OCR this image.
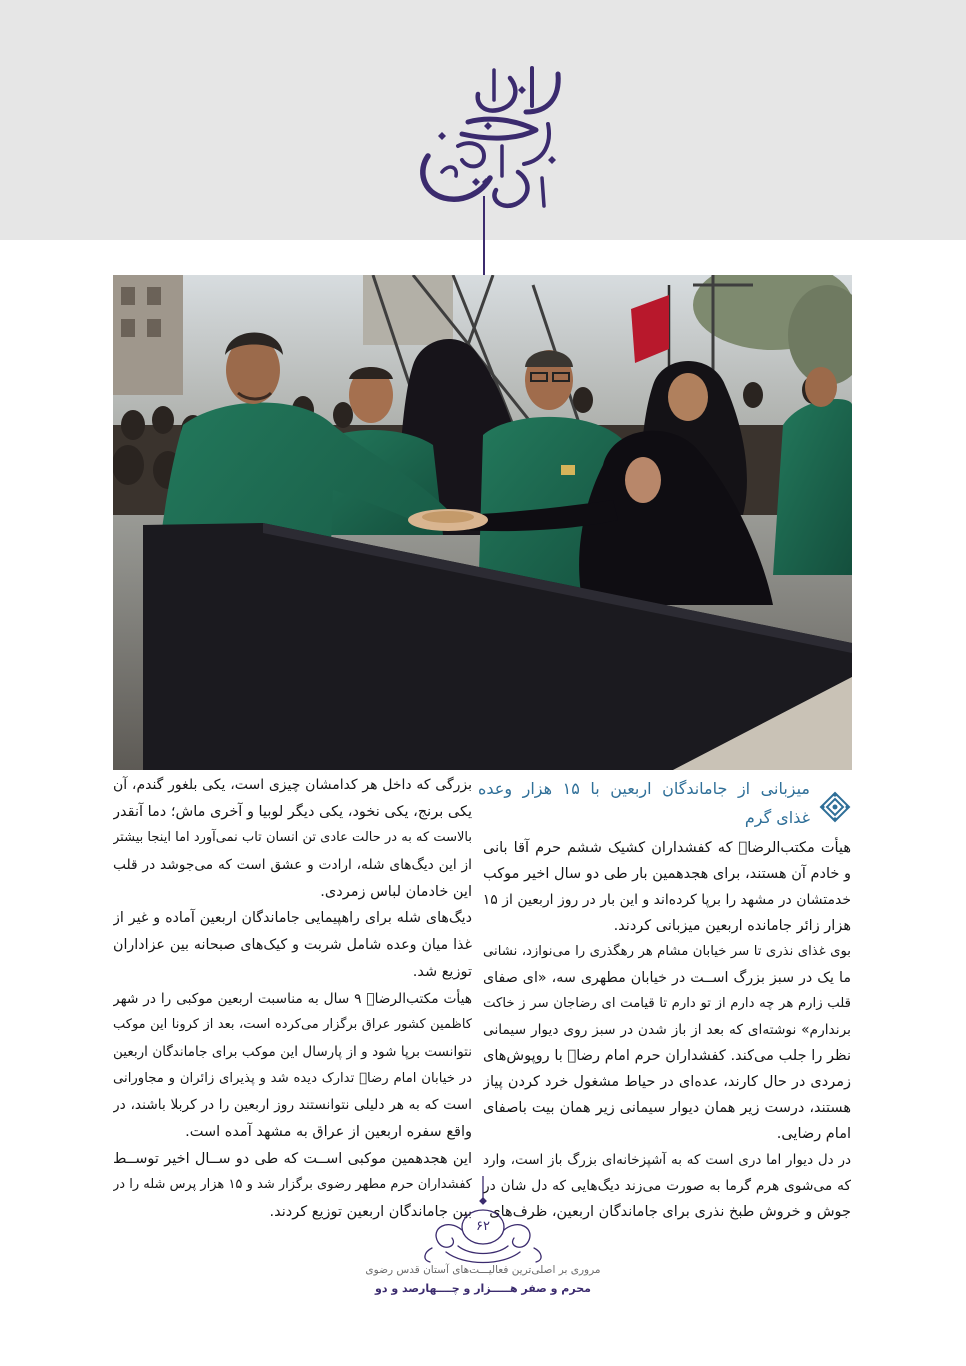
میزبانی از جاماندگان اربعین با ۱۵ هزار وعده
غذای گرم
هیأت مکتب‌الرضاؑ که کفشداران کشیک ششم حرم آقا بانی
و خادم آن هستند، برای هجدهمین بار طی دو سال اخیر موکب
خدمتشان در مشهد را برپا کرده‌اند و این بار در روز اربعین از ۱۵
هزار زائر جامانده اربعین میزبانی کردند.
بوی غذای نذری تا سر خیابان مشام هر رهگذری را می‌نوازد، نشانی
ما یک در سبز بزرگ اســت در خیابان مطهری سه، «ای صفای
قلب زارم هر چه دارم از تو دارم تا قیامت ای رضاجان سر ز خاکت
برندارم» نوشته‌ای که بعد از باز شدن در سبز روی دیوار سیمانی
نظر را جلب می‌کند. کفشداران حرم امام رضاؑ با روپوش‌های
زمردی در حال کارند، عده‌ای در حیاط مشغول خرد کردن پیاز
هستند، درست زیر همان دیوار سیمانی زیر همان بیت باصفای
امام رضایی.
در دل دیوار اما دری است که به آشپزخانه‌ای بزرگ باز است، وارد
که می‌شوی هرم گرما به صورت می‌زند دیگ‌هایی که دل شان در
جوش و خروش طبخ نذری برای جاماندگان اربعین، ظرف‌های
بزرگی که داخل هر کدامشان چیزی است، یکی بلغور گندم، آن
یکی برنج، یکی نخود، یکی دیگر لوبیا و آخری ماش؛ دما آنقدر
بالاست که به در حالت عادی تن انسان تاب نمی‌آورد اما اینجا بیشتر
از این دیگ‌های شله، ارادت و عشق است که می‌جوشد در قلب
این خادمان لباس زمردی.
دیگ‌های شله برای راهپیمایی جاماندگان اربعین آماده و غیر از
غذا میان وعده شامل شربت و کیک‌های صبحانه بین عزاداران
توزیع شد.
هیأت مکتب‌الرضاؑ ۹ سال به مناسبت اربعین موکبی را در شهر
کاظمین کشور عراق برگزار می‌کرده است، بعد از کرونا این موکب
نتوانست برپا شود و از پارسال این موکب برای جاماندگان اربعین
در خیابان امام رضاؑ تدارک دیده شد و پذیرای زائران و مجاورانی
است که به هر دلیلی نتوانستند روز اربعین را در کربلا باشند، در
واقع سفره اربعین از عراق به مشهد آمده است.
این هجدهمین موکبی اســت که طی دو ســال اخیر توســط
کفشداران حرم مطهر رضوی برگزار شد و ۱۵ هزار پرس شله را در
بین جاماندگان اربعین توزیع کردند.
۶۲
مروری بر اصلی‌ترین فعالیـــت‌های آستان قدس رضوی
محرم و صفر هـــــزار و چــــهارصد و دو
